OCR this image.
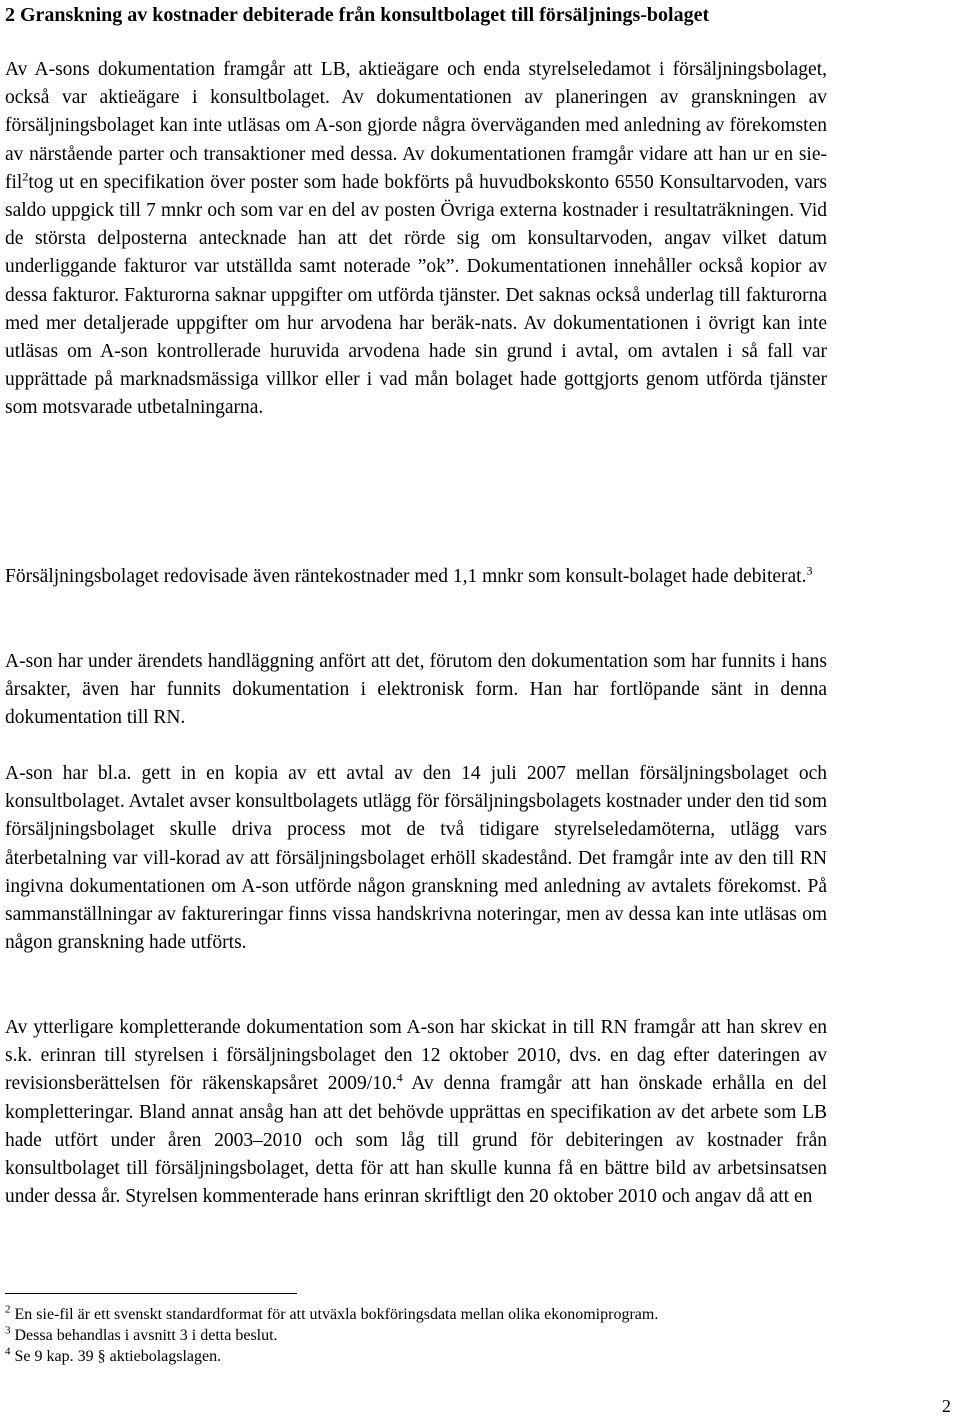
2 Granskning av kostnader debiterade från konsultbolaget till försäljnings-bolaget

Av A-sons dokumentation framgår att LB, aktieägare och enda styrelseledamot i försäljningsbolaget, också var aktieägare i konsultbolaget. Av dokumentationen av planeringen av granskningen av försäljningsbolaget kan inte utläsas om A-son gjorde några överväganden med anledning av förekomsten av närstående parter och transaktioner med dessa. Av dokumentationen framgår vidare att han ur en sie-fil$^2$tog ut en specifikation över poster som hade bokförts på huvudbokskonto 6550 Konsultarvoden, vars saldo uppgick till 7 mnkr och som var en del av posten Övriga externa kostnader i resultaträkningen. Vid de största delposterna antecknade han att det rörde sig om konsultarvoden, angav vilket datum underliggande fakturor var utställda samt noterade ”ok”. Dokumentationen innehåller också kopior av dessa fakturor. Fakturorna saknar uppgifter om utförda tjänster. Det saknas också underlag till fakturorna med mer detaljerade uppgifter om hur arvodena har beräk-nats. Av dokumentationen i övrigt kan inte utläsas om A-son kontrollerade huruvida arvodena hade sin grund i avtal, om avtalen i så fall var upprättade på marknadsmässiga villkor eller i vad mån bolaget hade gottgjorts genom utförda tjänster som motsvarade utbetalningarna.

Försäljningsbolaget redovisade även räntekostnader med 1,1 mnkr som konsult-bolaget hade debiterat.$^3$

A-son har under ärendets handläggning anfört att det, förutom den dokumentation som har funnits i hans årsakter, även har funnits dokumentation i elektronisk form. Han har fortlöpande sänt in denna dokumentation till RN.

A-son har bl.a. gett in en kopia av ett avtal av den 14 juli 2007 mellan försäljningsbolaget och konsultbolaget. Avtalet avser konsultbolagets utlägg för försäljningsbolagets kostnader under den tid som försäljningsbolaget skulle driva process mot de två tidigare styrelseledamöterna, utlägg vars återbetalning var vill-korad av att försäljningsbolaget erhöll skadestånd. Det framgår inte av den till RN ingivna dokumentationen om A-son utförde någon granskning med anledning av avtalets förekomst. På sammanställningar av faktureringar finns vissa handskrivna noteringar, men av dessa kan inte utläsas om någon granskning hade utförts.

Av ytterligare kompletterande dokumentation som A-son har skickat in till RN framgår att han skrev en s.k. erinran till styrelsen i försäljningsbolaget den 12 oktober 2010, dvs. en dag efter dateringen av revisionsberättelsen för räkenskapsåret 2009/10.$^4$ Av denna framgår att han önskade erhålla en del kompletteringar. Bland annat ansåg han att det behövde upprättas en specifikation av det arbete som LB hade utfört under åren 2003–2010 och som låg till grund för debiteringen av kostnader från konsultbolaget till försäljningsbolaget, detta för att han skulle kunna få en bättre bild av arbetsinsatsen under dessa år. Styrelsen kommenterade hans erinran skriftligt den 20 oktober 2010 och angav då att en

$^2$ En sie-fil är ett svenskt standardformat för att utväxla bokföringsdata mellan olika ekonomiprogram.

$^3$ Dessa behandlas i avsnitt 3 i detta beslut.

$^4$ Se 9 kap. 39 § aktiebolagslagen.

2
